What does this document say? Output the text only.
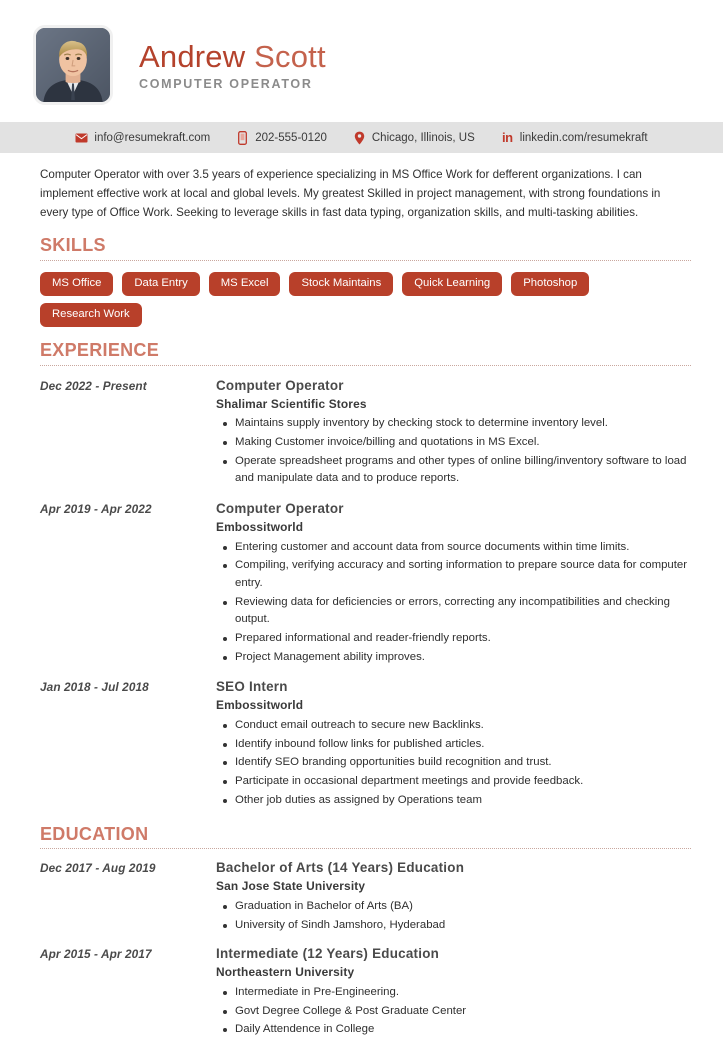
Andrew Scott
COMPUTER OPERATOR
info@resumekraft.com	202-555-0120	Chicago, Illinois, US in linkedin.com/resumekraft
Computer Operator with over 3.5 years of experience specializing in MS Office Work for defferent organizations. I can implement effective work at local and global levels. My greatest Skilled in project management, with strong foundations in every type of Office Work. Seeking to leverage skills in fast data typing, organization skills, and multi-tasking abilities.
SKILLS
MS Office	Data Entry	MS Excel	Stock Maintains	Quick Learning	Photoshop
Research Work
EXPERIENCE
Dec 2022 - Present	Computer Operator
Shalimar Scientific Stores
Maintains supply inventory by checking stock to determine inventory level.
Making Customer invoice/billing and quotations in MS Excel.
Operate spreadsheet programs and other types of online billing/inventory software to load and manipulate data and to produce reports.
Apr 2019 - Apr 2022	Computer Operator
Embossitworld
Entering customer and account data from source documents within time limits.
Compiling, verifying accuracy and sorting information to prepare source data for computer entry.
Reviewing data for deficiencies or errors, correcting any incompatibilities and checking output.
Prepared informational and reader-friendly reports.
Project Management ability improves.
Jan 2018 - Jul 2018	SEO Intern
Embossitworld
Conduct email outreach to secure new Backlinks.
Identify inbound follow links for published articles.
Identify SEO branding opportunities build recognition and trust.
Participate in occasional department meetings and provide feedback.
Other job duties as assigned by Operations team
EDUCATION
Dec 2017 - Aug 2019	Bachelor of Arts (14 Years) Education
San Jose State University
Graduation in Bachelor of Arts (BA)
University of Sindh Jamshoro, Hyderabad
Apr 2015 - Apr 2017	Intermediate (12 Years) Education
Northeastern University
Intermediate in Pre-Engineering.
Govt Degree College & Post Graduate Center
Daily Attendence in College
